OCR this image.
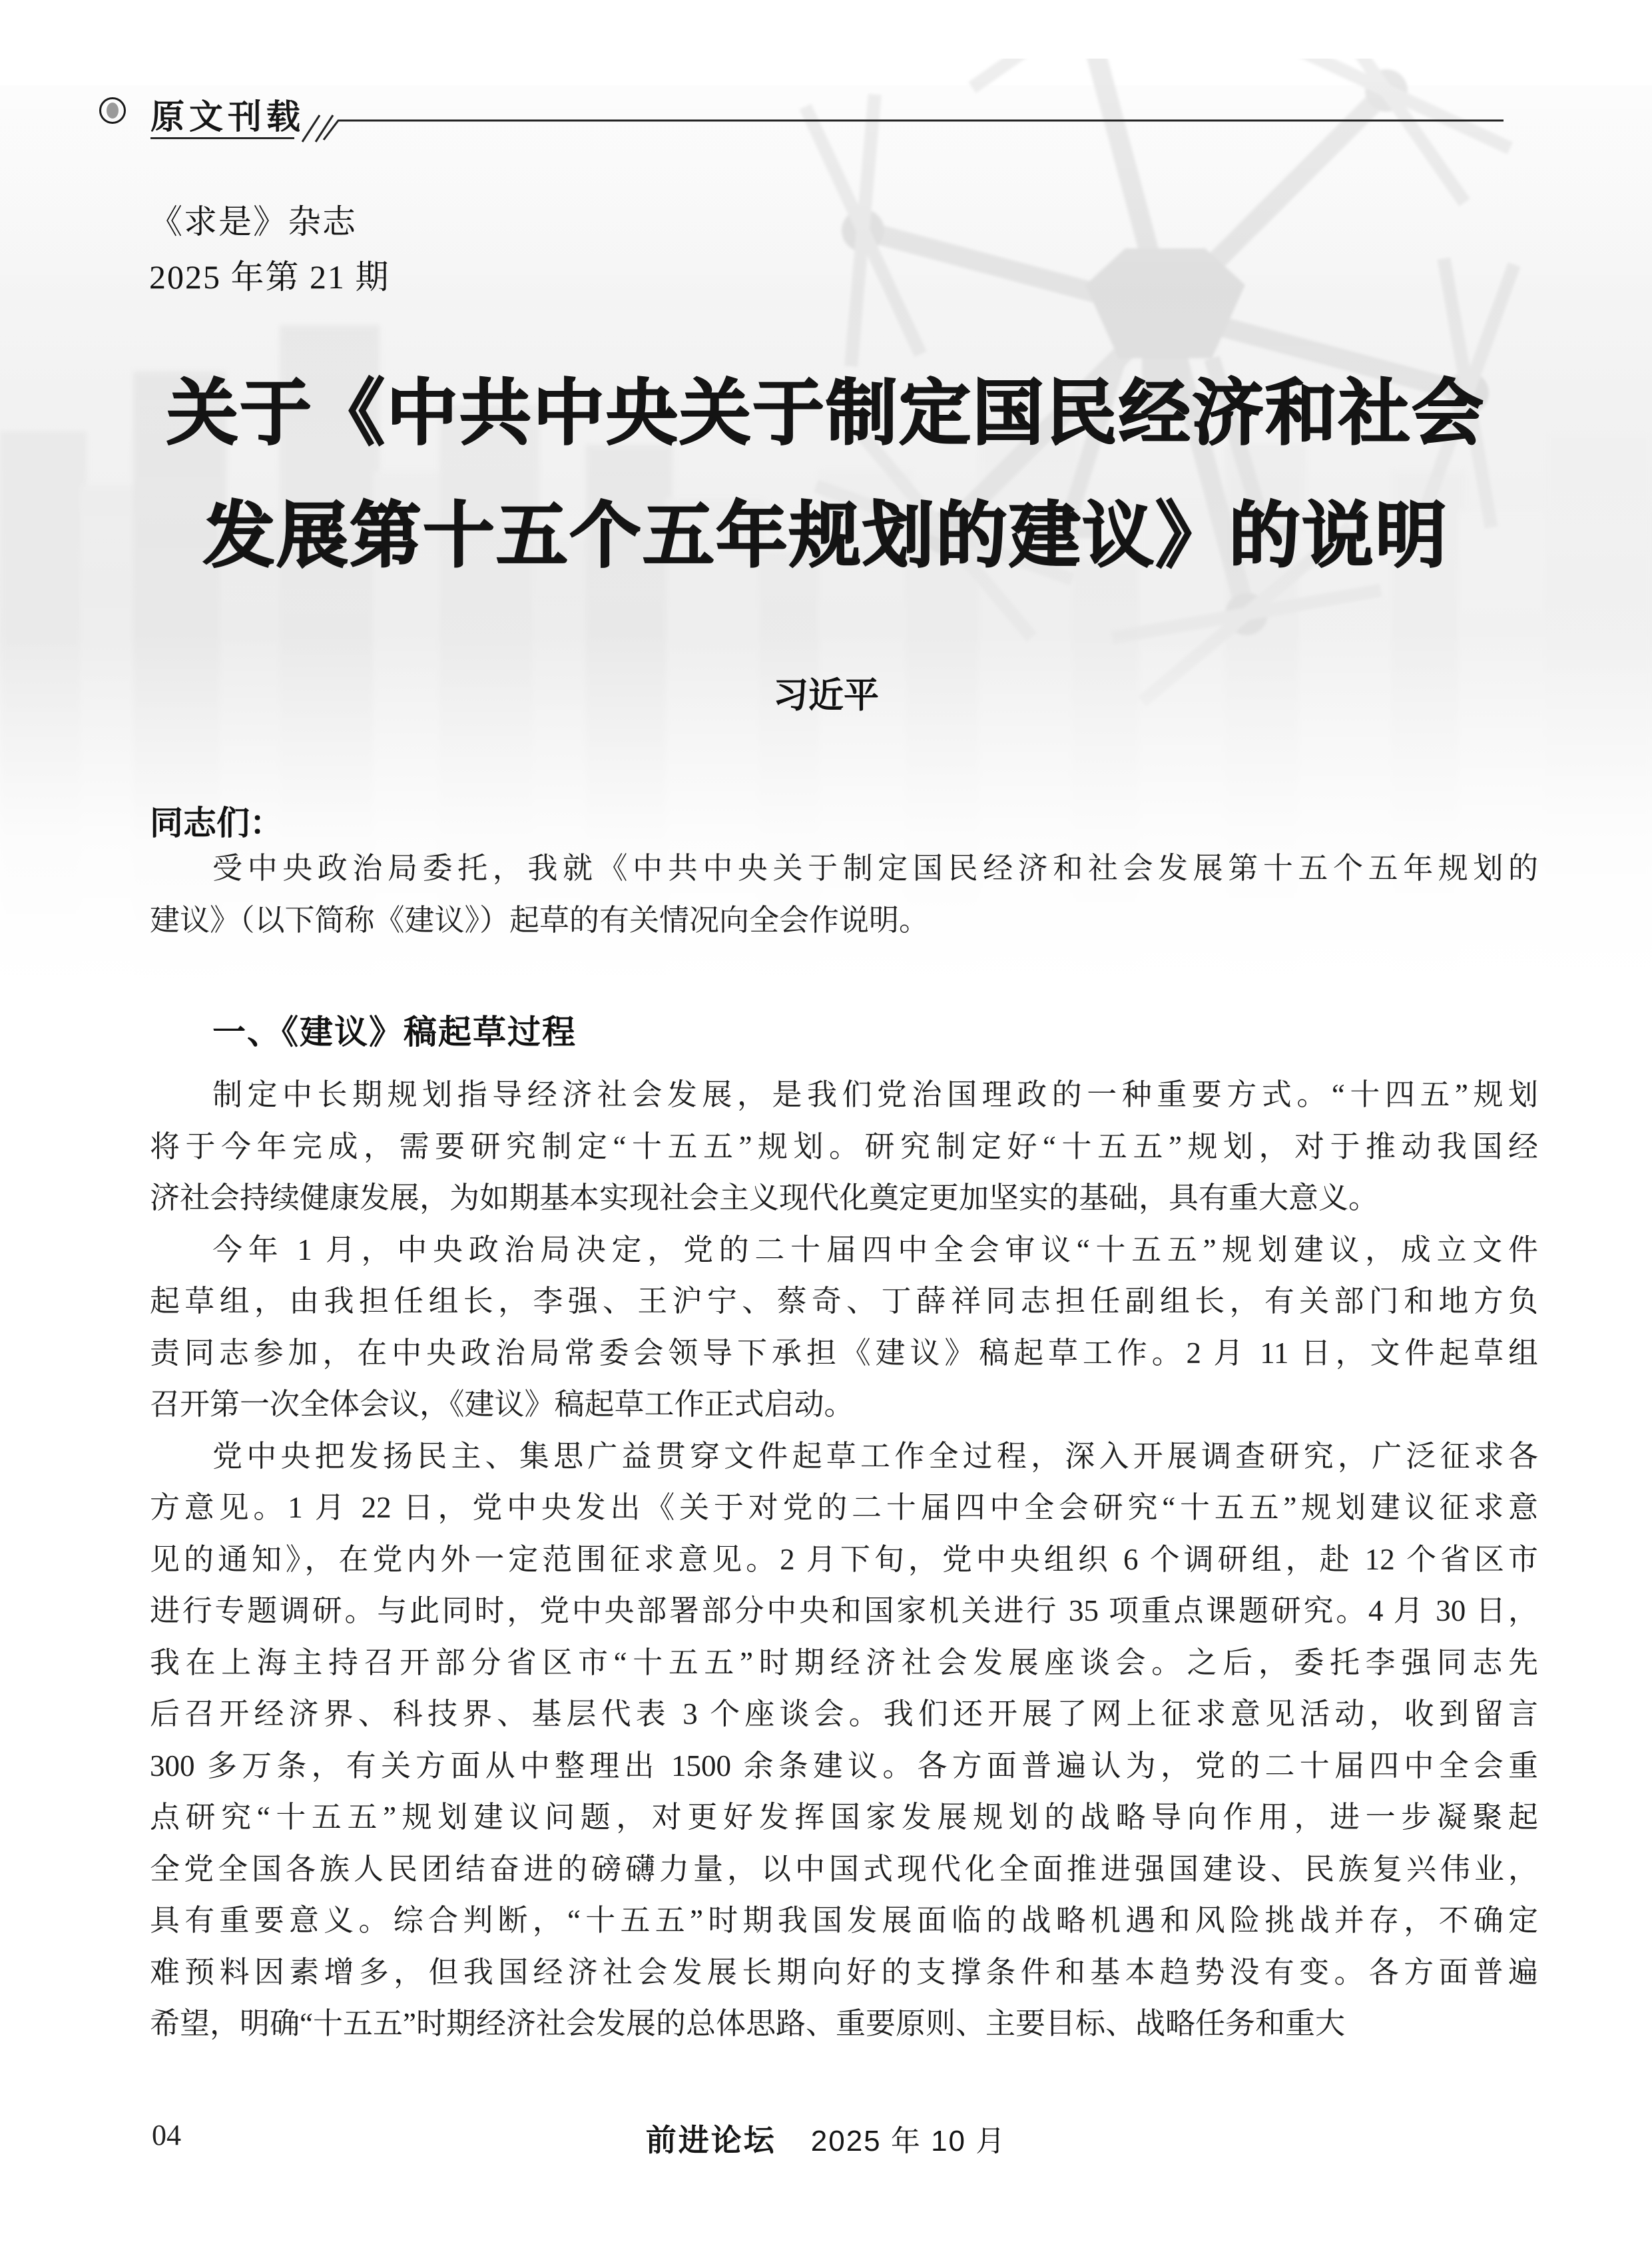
原文刊载
《求是》杂志
2025 年第 21 期
关于《中共中央关于制定国民经济和社会
发展第十五个五年规划的建议》的说明
习近平
同志们：
受中央政治局委托，我就《中共中央关于制定国民经济和社会发展第十五个五年规划的
建议》（以下简称《建议》）起草的有关情况向全会作说明。
一、《建议》稿起草过程
制定中长期规划指导经济社会发展，是我们党治国理政的一种重要方式。“十四五”规划
将于今年完成，需要研究制定“十五五”规划。研究制定好“十五五”规划，对于推动我国经
济社会持续健康发展，为如期基本实现社会主义现代化奠定更加坚实的基础，具有重大意义。
今年 1 月，中央政治局决定，党的二十届四中全会审议“十五五”规划建议，成立文件
起草组，由我担任组长，李强、王沪宁、蔡奇、丁薛祥同志担任副组长，有关部门和地方负
责同志参加，在中央政治局常委会领导下承担《建议》稿起草工作。2 月 11 日，文件起草组
召开第一次全体会议，《建议》稿起草工作正式启动。
党中央把发扬民主、集思广益贯穿文件起草工作全过程，深入开展调查研究，广泛征求各
方意见。1 月 22 日，党中央发出《关于对党的二十届四中全会研究“十五五”规划建议征求意
见的通知》，在党内外一定范围征求意见。2 月下旬，党中央组织 6 个调研组，赴 12 个省区市
进行专题调研。与此同时，党中央部署部分中央和国家机关进行 35 项重点课题研究。4 月 30 日，
我在上海主持召开部分省区市“十五五”时期经济社会发展座谈会。之后，委托李强同志先
后召开经济界、科技界、基层代表 3 个座谈会。我们还开展了网上征求意见活动，收到留言
300 多万条，有关方面从中整理出 1500 余条建议。各方面普遍认为，党的二十届四中全会重
点研究“十五五”规划建议问题，对更好发挥国家发展规划的战略导向作用，进一步凝聚起
全党全国各族人民团结奋进的磅礴力量，以中国式现代化全面推进强国建设、民族复兴伟业，
具有重要意义。综合判断，“十五五”时期我国发展面临的战略机遇和风险挑战并存，不确定
难预料因素增多，但我国经济社会发展长期向好的支撑条件和基本趋势没有变。各方面普遍
希望，明确“十五五”时期经济社会发展的总体思路、重要原则、主要目标、战略任务和重大
04	前进论坛 2025 年 10 月
